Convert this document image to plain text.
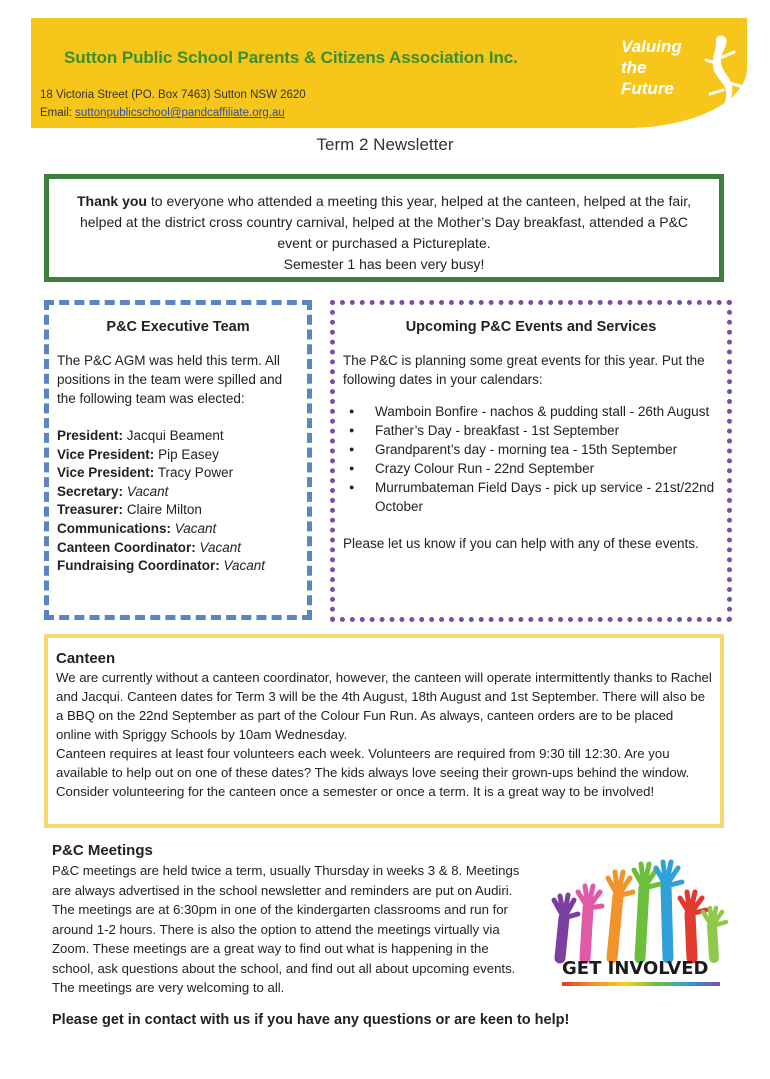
Sutton Public School Parents & Citizens Association Inc.
18 Victoria Street (PO. Box 7463) Sutton NSW 2620
Email: suttonpublicschool@pandcaffiliate.org.au
Valuing
the
Future
Term 2 Newsletter
Thank you to everyone who attended a meeting this year, helped at the canteen, helped at the fair, helped at the district cross country carnival, helped at the Mother’s Day breakfast, attended a P&C event or purchased a Pictureplate.
Semester 1 has been very busy!
P&C Executive Team
The P&C AGM was held this term. All positions in the team were spilled and the following team was elected:
President: Jacqui Beament
Vice President: Pip Easey
Vice President: Tracy Power
Secretary: Vacant
Treasurer: Claire Milton
Communications: Vacant
Canteen Coordinator: Vacant
Fundraising Coordinator: Vacant
Upcoming P&C Events and Services
The P&C is planning some great events for this year. Put the following dates in your calendars:
● Wamboin Bonfire - nachos & pudding stall - 26th August
● Father’s Day - breakfast - 1st September
● Grandparent’s day - morning tea - 15th September
● Crazy Colour Run - 22nd September
● Murrumbateman Field Days - pick up service - 21st/22nd October
Please let us know if you can help with any of these events.
Canteen
We are currently without a canteen coordinator, however, the canteen will operate intermittently thanks to Rachel and Jacqui. Canteen dates for Term 3 will be the 4th August, 18th August and 1st September. There will also be a BBQ on the 22nd September as part of the Colour Fun Run. As always, canteen orders are to be placed online with Spriggy Schools by 10am Wednesday.
Canteen requires at least four volunteers each week. Volunteers are required from 9:30 till 12:30. Are you available to help out on one of these dates? The kids always love seeing their grown-ups behind the window. Consider volunteering for the canteen once a semester or once a term. It is a great way to be involved!
P&C Meetings
P&C meetings are held twice a term, usually Thursday in weeks 3 & 8. Meetings are always advertised in the school newsletter and reminders are put on Audiri. The meetings are at 6:30pm in one of the kindergarten classrooms and run for around 1-2 hours. There is also the option to attend the meetings virtually via Zoom. These meetings are a great way to find out what is happening in the school, ask questions about the school, and find out all about upcoming events. The meetings are very welcoming to all.
GET INVOLVED
Please get in contact with us if you have any questions or are keen to help!
